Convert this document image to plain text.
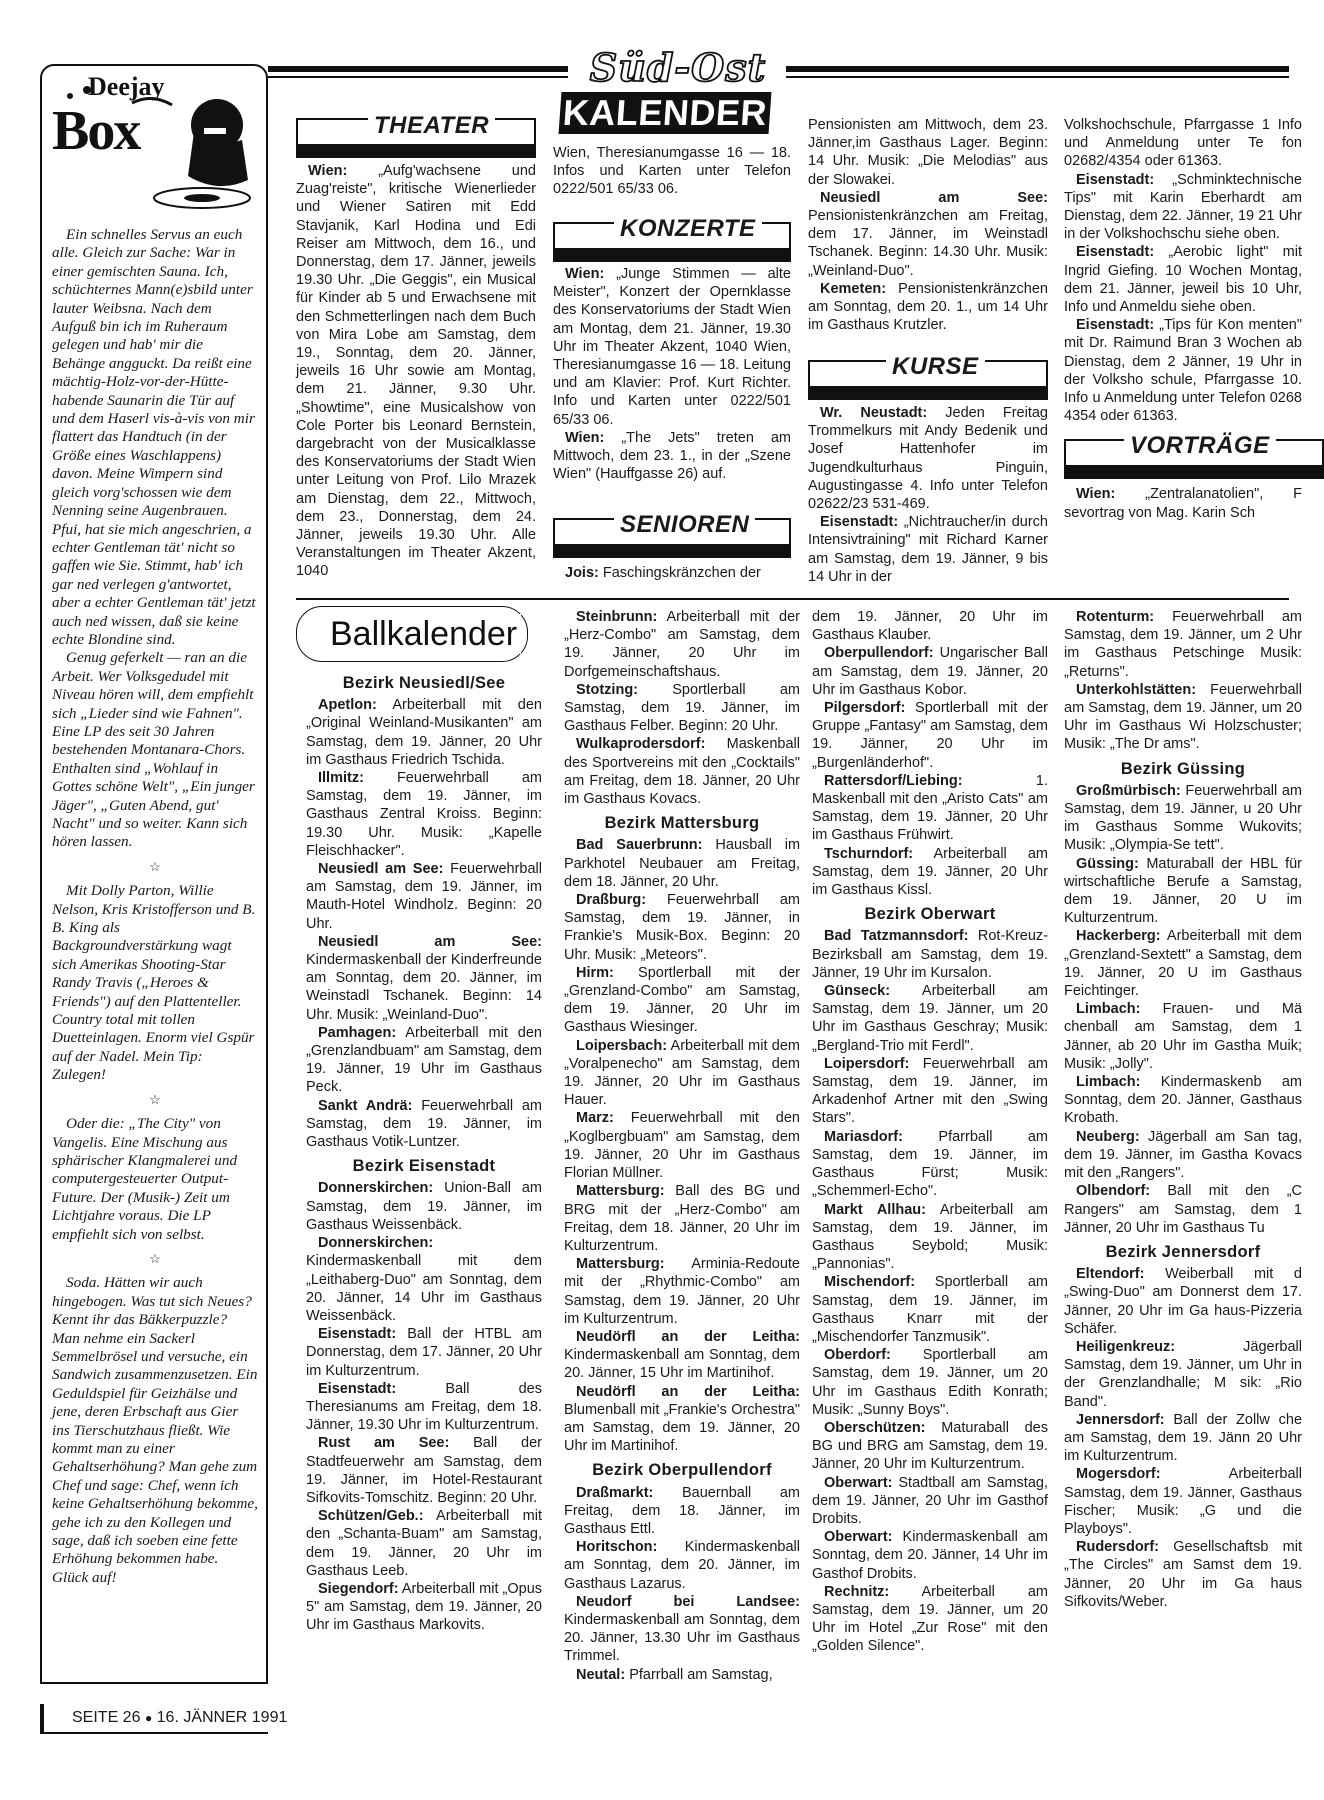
Süd-Ost
KALENDER
Deejay
Box

Ein schnelles Servus an euch alle. Gleich zur Sache: War in einer gemischten Sauna. Ich, schüchternes Mann(e)sbild unter lauter Weibsna. Nach dem Aufguß bin ich im Ruheraum gelegen und hab' mir die Behänge angguckt. Da reißt eine mächtig-Holz-vor-der-Hütte-habende Saunarin die Tür auf und dem Haserl vis-à-vis von mir flattert das Handtuch (in der Größe eines Waschlappens) davon. Meine Wimpern sind gleich vorg'schossen wie dem Nenning seine Augenbrauen. Pfui, hat sie mich angeschrien, a echter Gentleman tät' nicht so gaffen wie Sie. Stimmt, hab' ich gar ned verlegen g'antwortet, aber a echter Gentleman tät' jetzt auch ned wissen, daß sie keine echte Blondine sind.

Genug geferkelt — ran an die Arbeit. Wer Volksgedudel mit Niveau hören will, dem empfiehlt sich „Lieder sind wie Fahnen". Eine LP des seit 30 Jahren bestehenden Montanara-Chors. Enthalten sind „Wohlauf in Gottes schöne Welt", „Ein junger Jäger", „Guten Abend, gut' Nacht" und so weiter. Kann sich hören lassen.

☆

Mit Dolly Parton, Willie Nelson, Kris Kristofferson und B. B. King als Backgroundverstärkung wagt sich Amerikas Shooting-Star Randy Travis („Heroes & Friends") auf den Plattenteller. Country total mit tollen Duetteinlagen. Enorm viel Gspür auf der Nadel. Mein Tip: Zulegen!

☆

Oder die: „The City" von Vangelis. Eine Mischung aus sphärischer Klangmalerei und computergesteuerter Output-Future. Der (Musik-) Zeit um Lichtjahre voraus. Die LP empfiehlt sich von selbst.

☆

Soda. Hätten wir auch hingebogen. Was tut sich Neues? Kennt ihr das Bäkkerpuzzle? Man nehme ein Sackerl Semmelbrösel und versuche, ein Sandwich zusammenzusetzen. Ein Geduldspiel für Geizhälse und jene, deren Erbschaft aus Gier ins Tierschutzhaus fließt. Wie kommt man zu einer Gehaltserhöhung? Man gehe zum Chef und sage: Chef, wenn ich keine Gehaltserhöhung bekomme, gehe ich zu den Kollegen und sage, daß ich soeben eine fette Erhöhung bekommen habe. Glück auf!

SEITE 26 ● 16. JÄNNER 1991
THEATER

Wien: „Aufg'wachsene und Zuag'reiste", kritische Wienerlieder und Wiener Satiren mit Edd Stavjanik, Karl Hodina und Edi Reiser am Mittwoch, dem 16., und Donnerstag, dem 17. Jänner, jeweils 19.30 Uhr. „Die Geggis", ein Musical für Kinder ab 5 und Erwachsene mit den Schmetterlingen nach dem Buch von Mira Lobe am Samstag, dem 19., Sonntag, dem 20. Jänner, jeweils 16 Uhr sowie am Montag, dem 21. Jänner, 9.30 Uhr. „Showtime", eine Musicalshow von Cole Porter bis Leonard Bernstein, dargebracht von der Musicalklasse des Konservatoriums der Stadt Wien unter Leitung von Prof. Lilo Mrazek am Dienstag, dem 22., Mittwoch, dem 23., Donnerstag, dem 24. Jänner, jeweils 19.30 Uhr. Alle Veranstaltungen im Theater Akzent, 1040

Wien, Theresianumgasse 16 — 18. Infos und Karten unter Telefon 0222/501 65/33 06.

KONZERTE

Wien: „Junge Stimmen — alte Meister", Konzert der Opernklasse des Konservatoriums der Stadt Wien am Montag, dem 21. Jänner, 19.30 Uhr im Theater Akzent, 1040 Wien, Theresianumgasse 16 — 18. Leitung und am Klavier: Prof. Kurt Richter. Info und Karten unter 0222/501 65/33 06.

Wien: „The Jets" treten am Mittwoch, dem 23. 1., in der „Szene Wien" (Hauffgasse 26) auf.

SENIOREN

Jois: Faschingskränzchen der

Pensionisten am Mittwoch, dem 23. Jänner,im Gasthaus Lager. Beginn: 14 Uhr. Musik: „Die Melodias" aus der Slowakei.

Neusiedl am See: Pensionistenkränzchen am Freitag, dem 17. Jänner, im Weinstadl Tschanek. Beginn: 14.30 Uhr. Musik: „Weinland-Duo".

Kemeten: Pensionistenkränzchen am Sonntag, dem 20. 1., um 14 Uhr im Gasthaus Krutzler.

KURSE

Wr. Neustadt: Jeden Freitag Trommelkurs mit Andy Bedenik und Josef Hattenhofer im Jugendkulturhaus Pinguin, Augustingasse 4. Info unter Telefon 02622/23 531-469.

Eisenstadt: „Nichtraucher/in durch Intensivtraining" mit Richard Karner am Samstag, dem 19. Jänner, 9 bis 14 Uhr in der

Volkshochschule, Pfarrgasse 1 Info und Anmeldung unter Te fon 02682/4354 oder 61363.

Eisenstadt: „Schminktechnische Tips" mit Karin Eberhardt am Dienstag, dem 22. Jänner, 19 21 Uhr in der Volkshochschu siehe oben.

Eisenstadt: „Aerobic light" mit Ingrid Giefing. 10 Wochen Montag, dem 21. Jänner, jeweil bis 10 Uhr, Info und Anmeldu siehe oben.

Eisenstadt: „Tips für Kon menten" mit Dr. Raimund Bran 3 Wochen ab Dienstag, dem 2 Jänner, 19 Uhr in der Volksho schule, Pfarrgasse 10. Info u Anmeldung unter Telefon 0268 4354 oder 61363.

VORTRÄGE

Wien: „Zentralanatolien", F sevortrag von Mag. Karin Sch

Ballkalender

Bezirk Neusiedl/See

Apetlon: Arbeiterball mit den „Original Weinland-Musikanten" am Samstag, dem 19. Jänner, 20 Uhr im Gasthaus Friedrich Tschida.

Illmitz: Feuerwehrball am Samstag, dem 19. Jänner, im Gasthaus Zentral Kroiss. Beginn: 19.30 Uhr. Musik: „Kapelle Fleischhacker".

Neusiedl am See: Feuerwehrball am Samstag, dem 19. Jänner, im Mauth-Hotel Windholz. Beginn: 20 Uhr.

Neusiedl am See: Kindermaskenball der Kinderfreunde am Sonntag, dem 20. Jänner, im Weinstadl Tschanek. Beginn: 14 Uhr. Musik: „Weinland-Duo".

Pamhagen: Arbeiterball mit den „Grenzlandbuam" am Samstag, dem 19. Jänner, 19 Uhr im Gasthaus Peck.

Sankt Andrä: Feuerwehrball am Samstag, dem 19. Jänner, im Gasthaus Votik-Luntzer.

Bezirk Eisenstadt

Donnerskirchen: Union-Ball am Samstag, dem 19. Jänner, im Gasthaus Weissenbäck.

Donnerskirchen: Kindermaskenball mit dem „Leithaberg-Duo" am Sonntag, dem 20. Jänner, 14 Uhr im Gasthaus Weissenbäck.

Eisenstadt: Ball der HTBL am Donnerstag, dem 17. Jänner, 20 Uhr im Kulturzentrum.

Eisenstadt:	Ball des Theresianums am Freitag, dem 18. Jänner, 19.30 Uhr im Kulturzentrum.

Rust am See: Ball der Stadtfeuerwehr am Samstag, dem 19. Jänner, im Hotel-Restaurant Sifkovits-Tomschitz. Beginn: 20 Uhr.

Schützen/Geb.: Arbeiterball mit den „Schanta-Buam" am Samstag, dem 19. Jänner, 20 Uhr im Gasthaus Leeb.

Siegendorf: Arbeiterball mit „Opus 5" am Samstag, dem 19. Jänner, 20 Uhr im Gasthaus Markovits.

Steinbrunn: Arbeiterball mit der „Herz-Combo" am Samstag, dem 19. Jänner, 20 Uhr im Dorfgemeinschaftshaus.

Stotzing: Sportlerball am Samstag, dem 19. Jänner, im Gasthaus Felber. Beginn: 20 Uhr.

Wulkaprodersdorf: Maskenball des Sportvereins mit den „Cocktails" am Freitag, dem 18. Jänner, 20 Uhr im Gasthaus Kovacs.

Bezirk Mattersburg

Bad Sauerbrunn: Hausball im Parkhotel Neubauer am Freitag, dem 18. Jänner, 20 Uhr.

Draßburg: Feuerwehrball am Samstag, dem 19. Jänner, in Frankie's Musik-Box. Beginn: 20 Uhr. Musik: „Meteors".

Hirm: Sportlerball mit der „Grenzland-Combo" am Samstag, dem 19. Jänner, 20 Uhr im Gasthaus Wiesinger.

Loipersbach: Arbeiterball mit dem „Voralpenecho" am Samstag, dem 19. Jänner, 20 Uhr im Gasthaus Hauer.

Marz: Feuerwehrball mit den „Koglbergbuam" am Samstag, dem 19. Jänner, 20 Uhr im Gasthaus Florian Müllner.

Mattersburg: Ball des BG und BRG mit der „Herz-Combo" am Freitag, dem 18. Jänner, 20 Uhr im Kulturzentrum.

Mattersburg: Arminia-Redoute mit der „Rhythmic-Combo" am Samstag, dem 19. Jänner, 20 Uhr im Kulturzentrum.

Neudörfl an der Leitha: Kindermaskenball am Sonntag, dem 20. Jänner, 15 Uhr im Martinihof.

Neudörfl an der Leitha: Blumenball mit „Frankie's Orchestra" am Samstag, dem 19. Jänner, 20 Uhr im Martinihof.

Bezirk Oberpullendorf

Draßmarkt: Bauernball am Freitag, dem 18. Jänner, im Gasthaus Ettl.

Horitschon: Kindermaskenball am Sonntag, dem 20. Jänner, im Gasthaus Lazarus.

Neudorf bei Landsee: Kindermaskenball am Sonntag, dem 20. Jänner, 13.30 Uhr im Gasthaus Trimmel.

Neutal: Pfarrball am Samstag,

dem 19. Jänner, 20 Uhr im Gasthaus Klauber.

Oberpullendorf: Ungarischer Ball am Samstag, dem 19. Jänner, 20 Uhr im Gasthaus Kobor.

Pilgersdorf: Sportlerball mit der Gruppe „Fantasy" am Samstag, dem 19. Jänner, 20 Uhr im „Burgenländerhof".

Rattersdorf/Liebing:	1. Maskenball mit den „Aristo Cats" am Samstag, dem 19. Jänner, 20 Uhr im Gasthaus Frühwirt.

Tschurndorf: Arbeiterball am Samstag, dem 19. Jänner, 20 Uhr im Gasthaus Kissl.

Bezirk Oberwart

Bad Tatzmannsdorf: Rot-Kreuz-Bezirksball am Samstag, dem 19. Jänner, 19 Uhr im Kursalon.

Günseck: Arbeiterball am Samstag, dem 19. Jänner, um 20 Uhr im Gasthaus Geschray; Musik: „Bergland-Trio mit Ferdl".

Loipersdorf: Feuerwehrball am Samstag, dem 19. Jänner, im Arkadenhof Artner mit den „Swing Stars".

Mariasdorf: Pfarrball am Samstag, dem 19. Jänner, im Gasthaus Fürst; Musik: „Schemmerl-Echo".

Markt Allhau: Arbeiterball am Samstag, dem 19. Jänner, im Gasthaus Seybold; Musik: „Pannonias".

Mischendorf: Sportlerball am Samstag, dem 19. Jänner, im Gasthaus Knarr mit der „Mischendorfer Tanzmusik".

Oberdorf: Sportlerball am Samstag, dem 19. Jänner, um 20 Uhr im Gasthaus Edith Konrath; Musik: „Sunny Boys".

Oberschützen: Maturaball des BG und BRG am Samstag, dem 19. Jänner, 20 Uhr im Kulturzentrum.

Oberwart: Stadtball am Samstag, dem 19. Jänner, 20 Uhr im Gasthof Drobits.

Oberwart: Kindermaskenball am Sonntag, dem 20. Jänner, 14 Uhr im Gasthof Drobits.

Rechnitz: Arbeiterball am Samstag, dem 19. Jänner, um 20 Uhr im Hotel „Zur Rose" mit den „Golden Silence".

Rotenturm: Feuerwehrball am Samstag, dem 19. Jänner, um 2 Uhr im Gasthaus Petschinge Musik: „Returns".

Unterkohlstätten: Feuerwehrball am Samstag, dem 19. Jänner, um 20 Uhr im Gasthaus Wi Holzschuster; Musik: „The Dr ams".

Bezirk Güssing

Großmürbisch: Feuerwehrball am Samstag, dem 19. Jänner, u 20 Uhr im Gasthaus Somme Wukovits; Musik: „Olympia-Se tett".

Güssing: Maturaball der HBL für wirtschaftliche Berufe a Samstag, dem 19. Jänner, 20 U im Kulturzentrum.

Hackerberg: Arbeiterball mit dem „Grenzland-Sextett" a Samstag, dem 19. Jänner, 20 U im Gasthaus Feichtinger.

Limbach: Frauen- und Mä chenball am Samstag, dem 1 Jänner, ab 20 Uhr im Gastha Muik; Musik: „Jolly".

Limbach: Kindermaskenb am Sonntag, dem 20. Jänner, Gasthaus Krobath.

Neuberg: Jägerball am San tag, dem 19. Jänner, im Gastha Kovacs mit den „Rangers".

Olbendorf: Ball mit den „C Rangers" am Samstag, dem 1 Jänner, 20 Uhr im Gasthaus Tu

Bezirk Jennersdorf

Eltendorf: Weiberball mit d „Swing-Duo" am Donnerst dem 17. Jänner, 20 Uhr im Ga haus-Pizzeria Schäfer.

Heiligenkreuz:	Jägerball Samstag, dem 19. Jänner, um Uhr in der Grenzlandhalle; M sik: „Rio Band".

Jennersdorf: Ball der Zollw che am Samstag, dem 19. Jänn 20 Uhr im Kulturzentrum.

Mogersdorf:	Arbeiterball Samstag, dem 19. Jänner, Gasthaus Fischer; Musik: „G und die Playboys".

Rudersdorf: Gesellschaftsb mit „The Circles" am Samst dem 19. Jänner, 20 Uhr im Ga haus Sifkovits/Weber.
